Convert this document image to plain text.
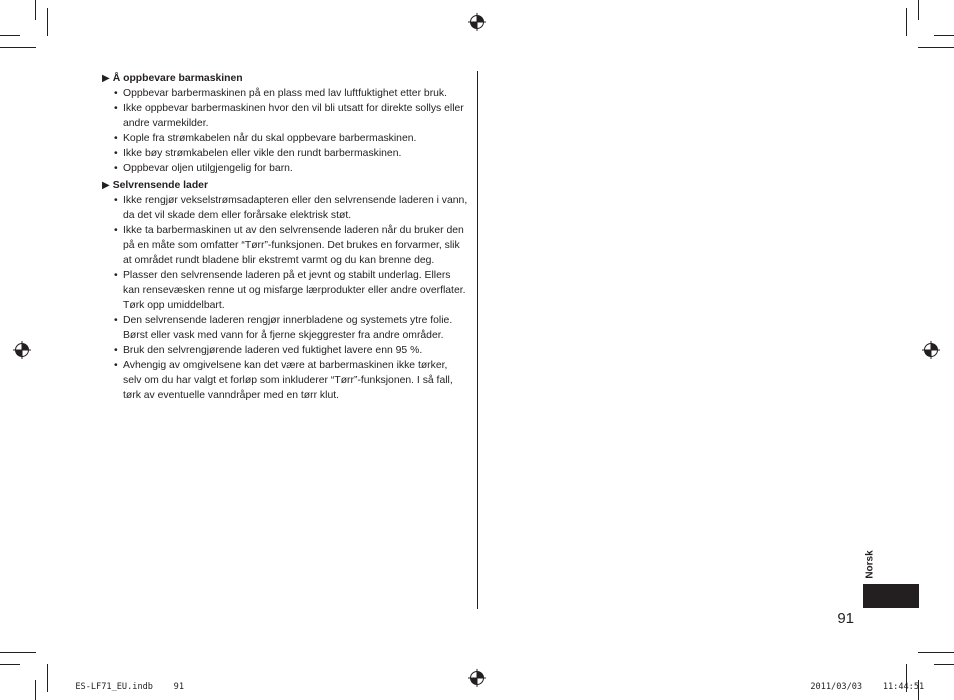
▶ Å oppbevare barmaskinen
• Oppbevar barbermaskinen på en plass med lav luftfuktighet etter bruk.
• Ikke oppbevar barbermaskinen hvor den vil bli utsatt for direkte sollys eller andre varmekilder.
• Kople fra strømkabelen når du skal oppbevare barbermaskinen.
• Ikke bøy strømkabelen eller vikle den rundt barbermaskinen.
• Oppbevar oljen utilgjengelig for barn.
▶ Selvrensende lader
• Ikke rengjør vekselstrømsadapteren eller den selvrensende laderen i vann, da det vil skade dem eller forårsake elektrisk støt.
• Ikke ta barbermaskinen ut av den selvrensende laderen når du bruker den på en måte som omfatter “Tørr”-funksjonen. Det brukes en forvarmer, slik at området rundt bladene blir ekstremt varmt og du kan brenne deg.
• Plasser den selvrensende laderen på et jevnt og stabilt underlag. Ellers kan rensevæsken renne ut og misfarge lærprodukter eller andre overflater. Tørk opp umiddelbart.
• Den selvrensende laderen rengjør innerbladene og systemets ytre folie. Børst eller vask med vann for å fjerne skjeggrester fra andre områder.
• Bruk den selvrengjørende laderen ved fuktighet lavere enn 95 %.
• Avhengig av omgivelsene kan det være at barbermaskinen ikke tørker, selv om du har valgt et forløp som inkluderer “Tørr”-funksjonen. I så fall, tørk av eventuelle vanndråper med en tørr klut.
Norsk
91

ES-LF71_EU.indb 91	2011/03/03 11:44:51
